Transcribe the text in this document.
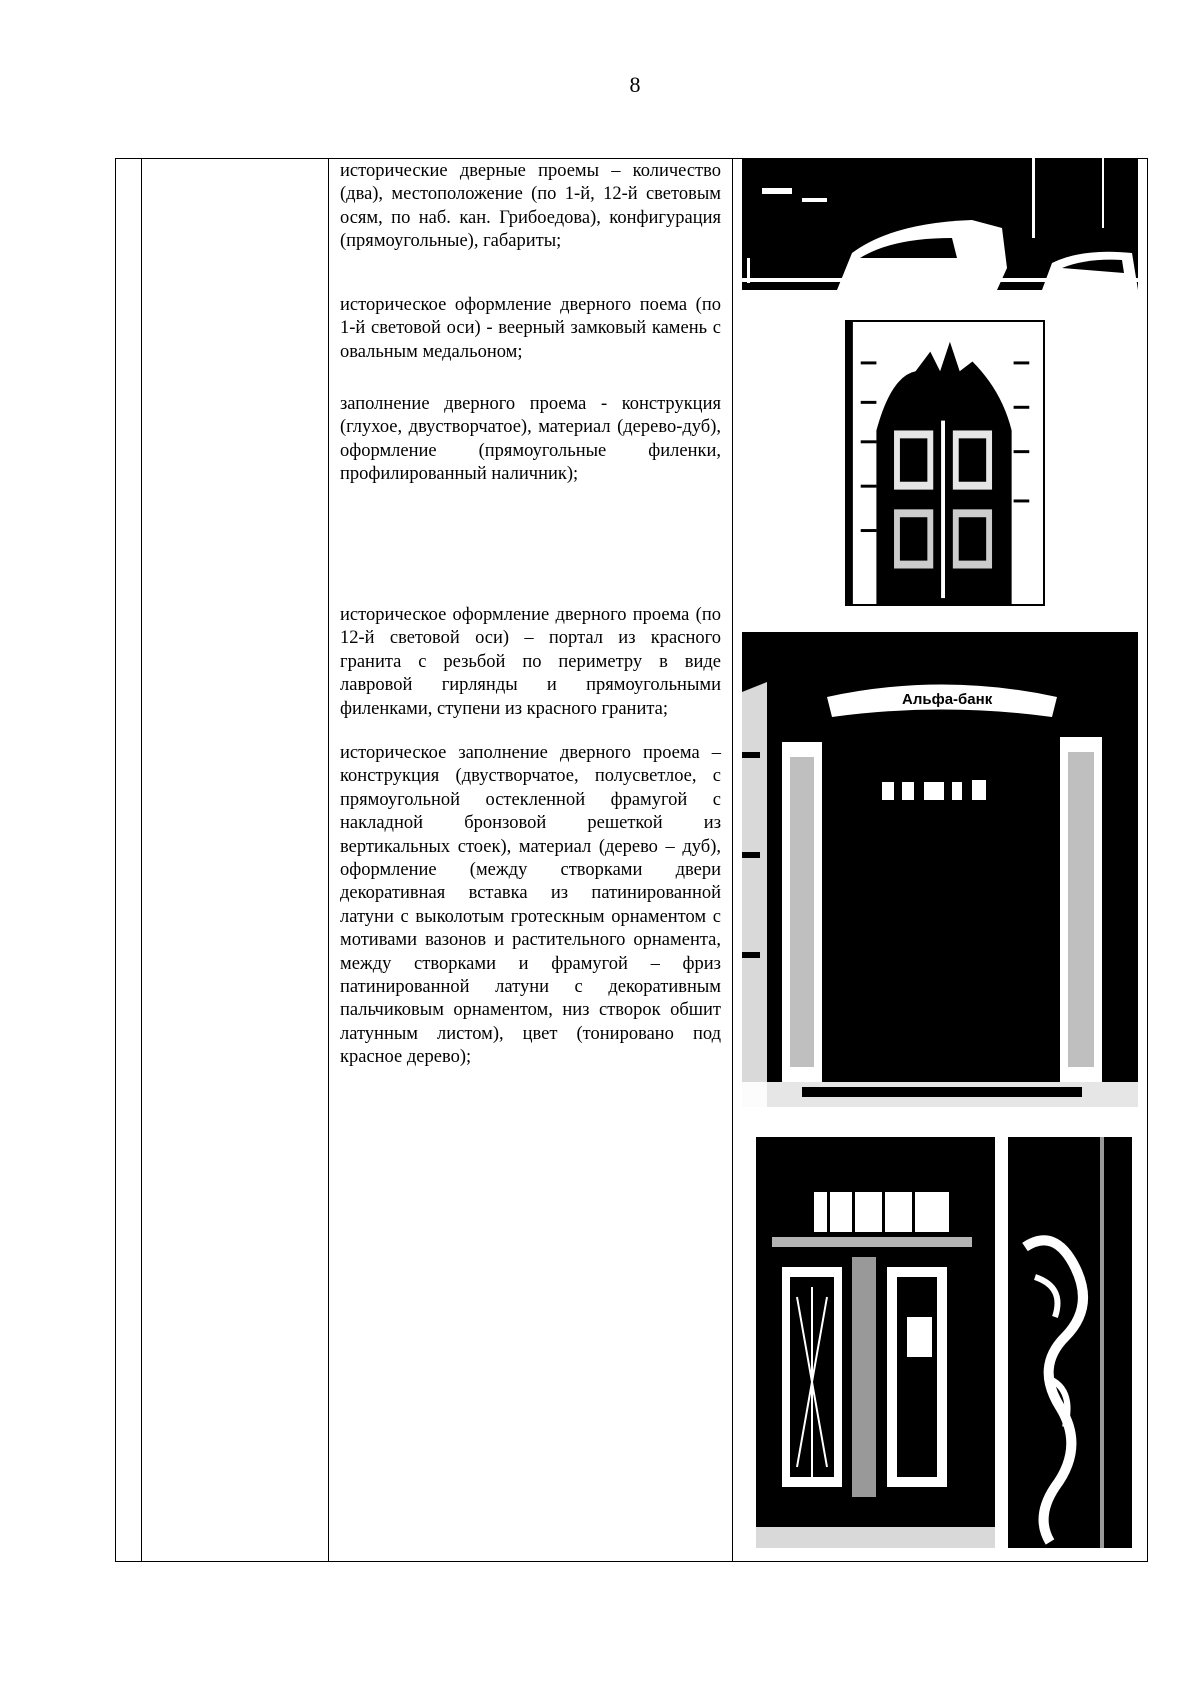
8

исторические дверные проемы – количество (два), местоположение (по 1-й, 12-й световым осям, по наб. кан. Грибоедова), конфигурация (прямоугольные), габариты;

историческое оформление дверного поема (по 1-й световой оси) - веерный замковый камень с овальным медальоном;

заполнение дверного проема - конструкция (глухое, двустворчатое), материал (дерево-дуб), оформление (прямоугольные филенки, профилированный наличник);

историческое оформление дверного проема (по 12-й световой оси) – портал из красного гранита с резьбой по периметру в виде лавровой гирлянды и прямоугольными филенками, ступени из красного гранита;

историческое заполнение дверного проема – конструкция (двустворчатое, полусветлое, с прямоугольной остекленной фрамугой с накладной бронзовой решеткой из вертикальных стоек), материал (дерево – дуб), оформление (между створками двери декоративная вставка из патинированной латуни с выколотым гротескным орнаментом с мотивами вазонов и растительного орнамента, между створками и фрамугой – фриз патинированной латуни с декоративным пальчиковым орнаментом, низ створок обшит латунным листом), цвет (тонировано под красное дерево);

Альфа-банк
